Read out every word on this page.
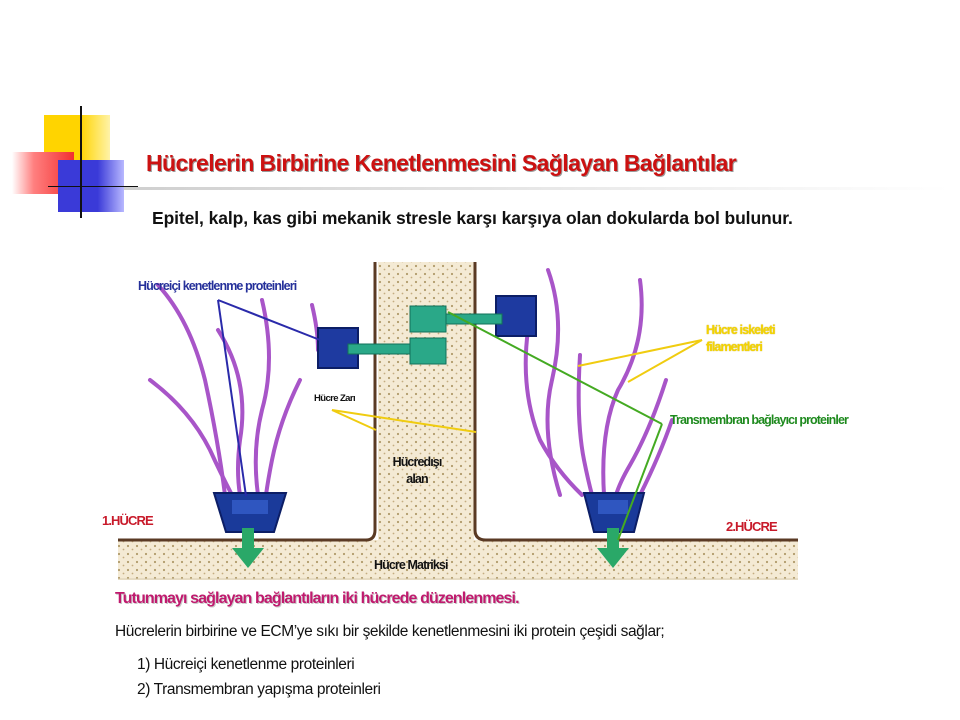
Hücrelerin Birbirine Kenetlenmesini Sağlayan Bağlantılar
Epitel, kalp, kas gibi mekanik stresle karşı karşıya olan dokularda bol bulunur.
Hücreiçi kenetlenme proteinleri
Hücre iskeleti filamentleri
Hücre Zarı
Transmembran bağlayıcı proteinler
Hücredışı alan
1.HÜCRE	2.HÜCRE
Hücre Matriksi
Tutunmayı sağlayan bağlantıların iki hücrede düzenlenmesi.
Hücrelerin birbirine ve ECM’ye sıkı bir şekilde kenetlenmesini iki protein çeşidi sağlar;
1) Hücreiçi kenetlenme proteinleri
2) Transmembran yapışma proteinleri
